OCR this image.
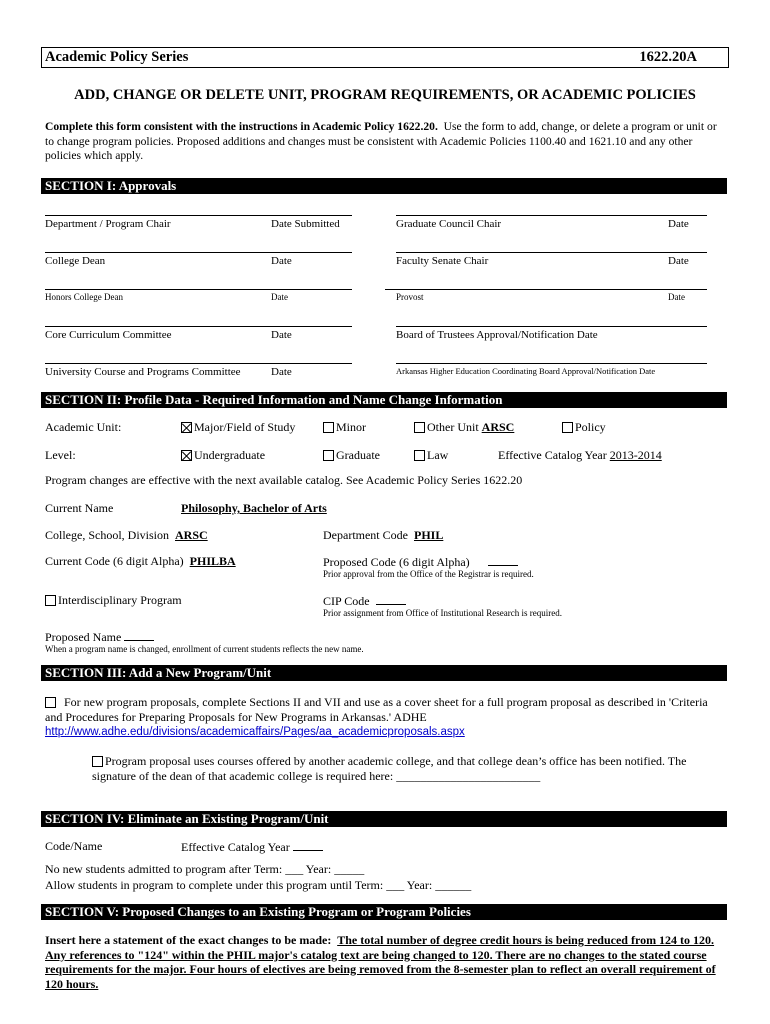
Academic Policy Series	1622.20A
ADD, CHANGE OR DELETE UNIT, PROGRAM REQUIREMENTS, OR ACADEMIC POLICIES
Complete this form consistent with the instructions in Academic Policy 1622.20. Use the form to add, change, or delete a program or unit or to change program policies. Proposed additions and changes must be consistent with Academic Policies 1100.40 and 1621.10 and any other policies which apply.
SECTION I: Approvals
Department / Program Chair	Date Submitted	Graduate Council Chair	Date
College Dean	Date	Faculty Senate Chair	Date
Honors College Dean	Date	Provost	Date
Core Curriculum Committee	Date	Board of Trustees Approval/Notification Date
University Course and Programs Committee	Date	Arkansas Higher Education Coordinating Board Approval/Notification Date
SECTION II: Profile Data - Required Information and Name Change Information
Academic Unit:	Major/Field of Study	Minor	Other Unit ARSC	Policy
Level:	Undergraduate	Graduate	Law	Effective Catalog Year 2013-2014
Program changes are effective with the next available catalog. See Academic Policy Series 1622.20
Current Name	Philosophy, Bachelor of Arts
College, School, Division ARSC	Department Code PHIL
Current Code (6 digit Alpha) PHILBA	Proposed Code (6 digit Alpha)
Prior approval from the Office of the Registrar is required.
Interdisciplinary Program	CIP Code
Prior assignment from Office of Institutional Research is required.
Proposed Name
When a program name is changed, enrollment of current students reflects the new name.
SECTION III: Add a New Program/Unit
For new program proposals, complete Sections II and VII and use as a cover sheet for a full program proposal as described in 'Criteria and Procedures for Preparing Proposals for New Programs in Arkansas.' ADHE
http://www.adhe.edu/divisions/academicaffairs/Pages/aa_academicproposals.aspx
Program proposal uses courses offered by another academic college, and that college dean’s office has been notified. The signature of the dean of that academic college is required here: ________________________
SECTION IV: Eliminate an Existing Program/Unit
Code/Name	Effective Catalog Year
No new students admitted to program after Term: ___ Year: _____
Allow students in program to complete under this program until Term: ___ Year: ______
SECTION V: Proposed Changes to an Existing Program or Program Policies
Insert here a statement of the exact changes to be made: The total number of degree credit hours is being reduced from 124 to 120. Any references to "124" within the PHIL major's catalog text are being changed to 120. There are no changes to the stated course requirements for the major. Four hours of electives are being removed from the 8-semester plan to reflect an overall requirement of 120 hours.
